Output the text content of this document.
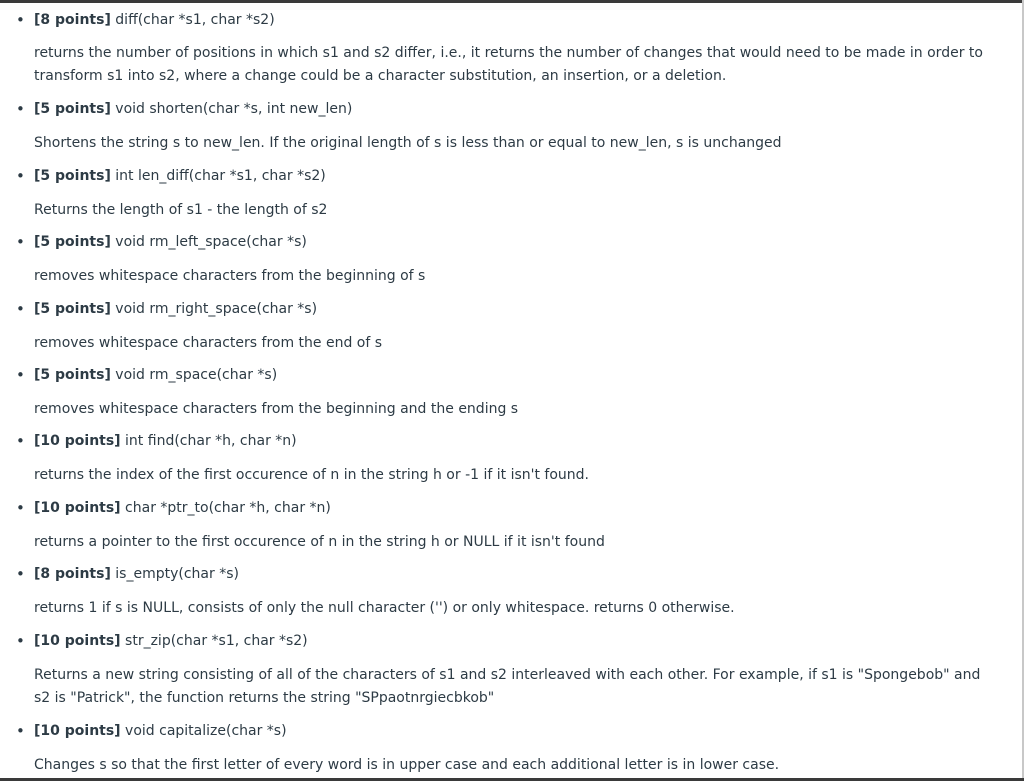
• [8 points] diff(char *s1, char *s2)
returns the number of positions in which s1 and s2 differ, i.e., it returns the number of changes that would need to be made in order to transform s1 into s2, where a change could be a character substitution, an insertion, or a deletion.
• [5 points] void shorten(char *s, int new_len)
Shortens the string s to new_len. If the original length of s is less than or equal to new_len, s is unchanged
• [5 points] int len_diff(char *s1, char *s2)
Returns the length of s1 - the length of s2
• [5 points] void rm_left_space(char *s)
removes whitespace characters from the beginning of s
• [5 points] void rm_right_space(char *s)
removes whitespace characters from the end of s
• [5 points] void rm_space(char *s)
removes whitespace characters from the beginning and the ending s
• [10 points] int find(char *h, char *n)
returns the index of the first occurence of n in the string h or -1 if it isn't found.
• [10 points] char *ptr_to(char *h, char *n)
returns a pointer to the first occurence of n in the string h or NULL if it isn't found
• [8 points] is_empty(char *s)
returns 1 if s is NULL, consists of only the null character ('') or only whitespace. returns 0 otherwise.
• [10 points] str_zip(char *s1, char *s2)
Returns a new string consisting of all of the characters of s1 and s2 interleaved with each other. For example, if s1 is "Spongebob" and s2 is "Patrick", the function returns the string "SPpaotnrgiecbkob"
• [10 points] void capitalize(char *s)
Changes s so that the first letter of every word is in upper case and each additional letter is in lower case.
